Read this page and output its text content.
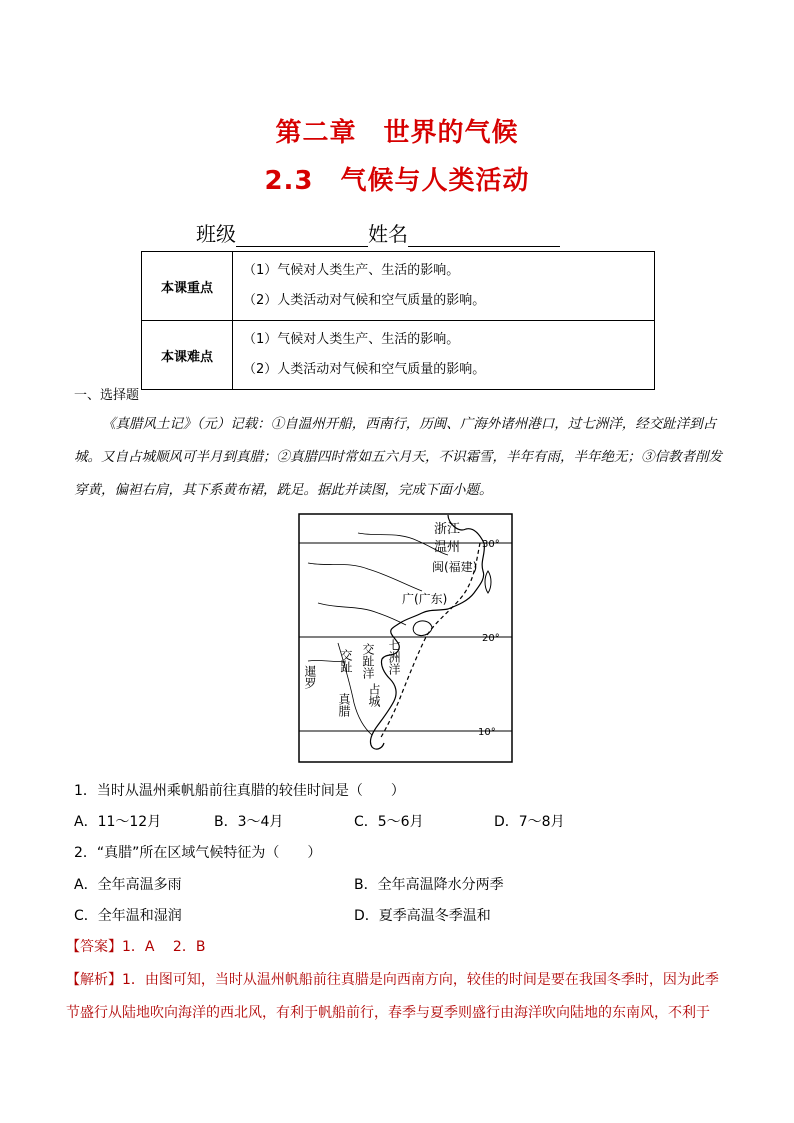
第二章　世界的气候
2.3　气候与人类活动
班级	姓名
本课重点	（1）气候对人类生产、生活的影响。
（2）人类活动对气候和空气质量的影响。

本课难点	（1）气候对人类生产、生活的影响。
（2）人类活动对气候和空气质量的影响。
一、选择题
《真腊风土记》（元）记载：①自温州开船，西南行，历闽、广海外诸州港口，过七洲洋，经交趾洋到占城。又自占城顺风可半月到真腊；②真腊四时常如五六月天，不识霜雪，半年有雨，半年绝无；③信教者削发穿黄，偏袒右肩，其下系黄布裙，跣足。据此并读图，完成下面小题。
浙江
温州
闽(福建)
广(广东)
30°
20°
10°
交趾 交趾洋 七洲洋
暹罗
真腊 占城
1．当时从温州乘帆船前往真腊的较佳时间是（　　）
A．11～12月	B．3～4月	C．5～6月	D．7～8月
2．“真腊”所在区域气候特征为（　　）
A．全年高温多雨	B．全年高温降水分两季
C．全年温和湿润	D．夏季高温冬季温和
【答案】1．A　 2．B
【解析】1．由图可知，当时从温州帆船前往真腊是向西南方向，较佳的时间是要在我国冬季时，因为此季节盛行从陆地吹向海洋的西北风，有利于帆船前行，春季与夏季则盛行由海洋吹向陆地的东南风，不利于
